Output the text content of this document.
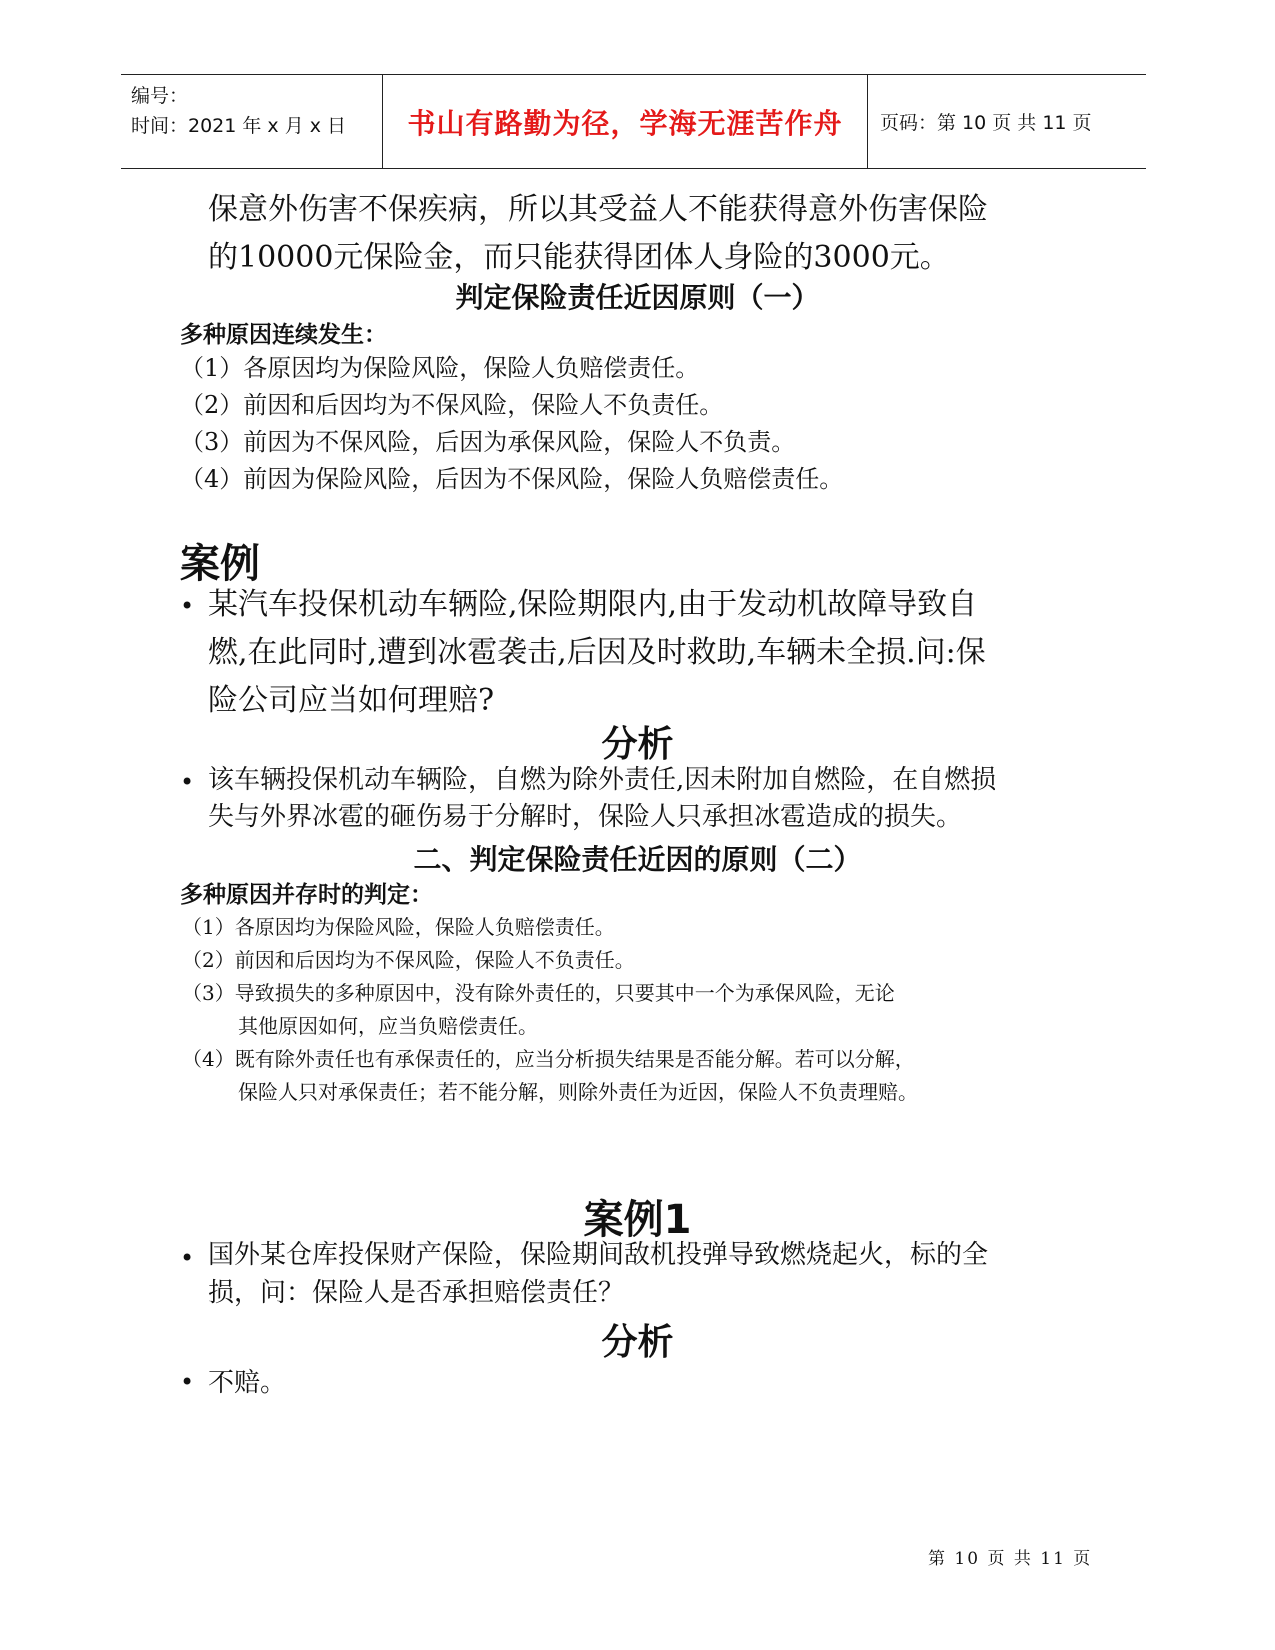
编号：
时间：2021 年 x 月 x 日	书山有路勤为径，学海无涯苦作舟	页码：第 10 页 共 11 页
保意外伤害不保疾病，所以其受益人不能获得意外伤害保险
的10000元保险金，而只能获得团体人身险的3000元。
判定保险责任近因原则（一）
多种原因连续发生：
（1）各原因均为保险风险，保险人负赔偿责任。
（2）前因和后因均为不保风险，保险人不负责任。
（3）前因为不保风险，后因为承保风险，保险人不负责。
（4）前因为保险风险，后因为不保风险，保险人负赔偿责任。
案例
• 某汽车投保机动车辆险,保险期限内,由于发动机故障导致自
燃,在此同时,遭到冰雹袭击,后因及时救助,车辆未全损.问:保
险公司应当如何理赔?
分析
• 该车辆投保机动车辆险，自燃为除外责任,因未附加自燃险，在自燃损
失与外界冰雹的砸伤易于分解时，保险人只承担冰雹造成的损失。
二、判定保险责任近因的原则（二）
多种原因并存时的判定：
（1）各原因均为保险风险，保险人负赔偿责任。
（2）前因和后因均为不保风险，保险人不负责任。
（3）导致损失的多种原因中，没有除外责任的，只要其中一个为承保风险，无论
其他原因如何，应当负赔偿责任。
（4）既有除外责任也有承保责任的，应当分析损失结果是否能分解。若可以分解，
保险人只对承保责任；若不能分解，则除外责任为近因，保险人不负责理赔。
案例1
• 国外某仓库投保财产保险，保险期间敌机投弹导致燃烧起火，标的全
损，问：保险人是否承担赔偿责任？
分析
• 不赔。
第 10 页 共 11 页
